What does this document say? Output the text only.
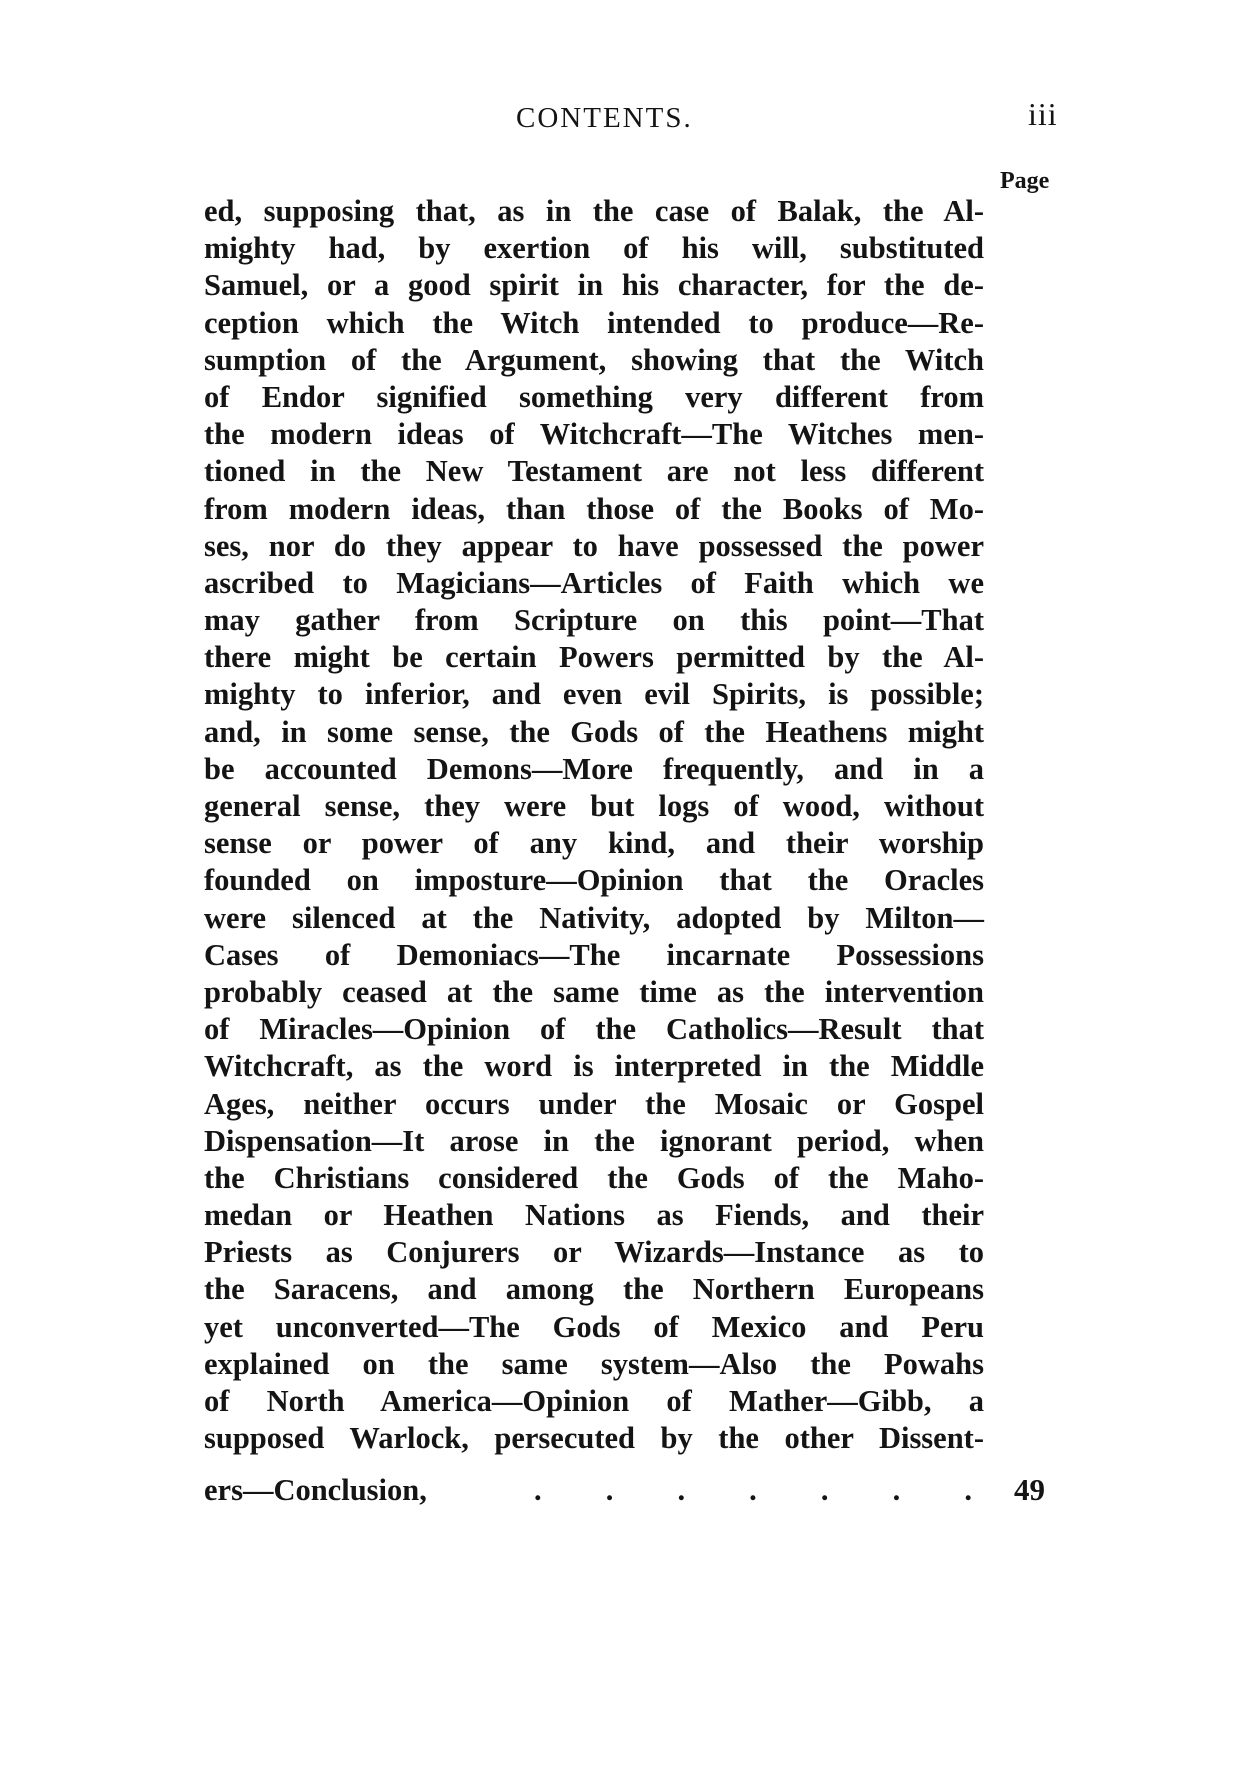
CONTENTS.	iii
Page
ed, supposing that, as in the case of Balak, the Al-
mighty had, by exertion of his will, substituted
Samuel, or a good spirit in his character, for the de-
ception which the Witch intended to produce—Re-
sumption of the Argument, showing that the Witch
of Endor signified something very different from
the modern ideas of Witchcraft—The Witches men-
tioned in the New Testament are not less different
from modern ideas, than those of the Books of Mo-
ses, nor do they appear to have possessed the power
ascribed to Magicians—Articles of Faith which we
may gather from Scripture on this point—That
there might be certain Powers permitted by the Al-
mighty to inferior, and even evil Spirits, is possible;
and, in some sense, the Gods of the Heathens might
be accounted Demons—More frequently, and in a
general sense, they were but logs of wood, without
sense or power of any kind, and their worship
founded on imposture—Opinion that the Oracles
were silenced at the Nativity, adopted by Milton—
Cases of Demoniacs—The incarnate Possessions
probably ceased at the same time as the intervention
of Miracles—Opinion of the Catholics—Result that
Witchcraft, as the word is interpreted in the Middle
Ages, neither occurs under the Mosaic or Gospel
Dispensation—It arose in the ignorant period, when
the Christians considered the Gods of the Maho-
medan or Heathen Nations as Fiends, and their
Priests as Conjurers or Wizards—Instance as to
the Saracens, and among the Northern Europeans
yet unconverted—The Gods of Mexico and Peru
explained on the same system—Also the Powahs
of North America—Opinion of Mather—Gibb, a
supposed Warlock, persecuted by the other Dissent-
ers—Conclusion,	. . . . . . . 49
